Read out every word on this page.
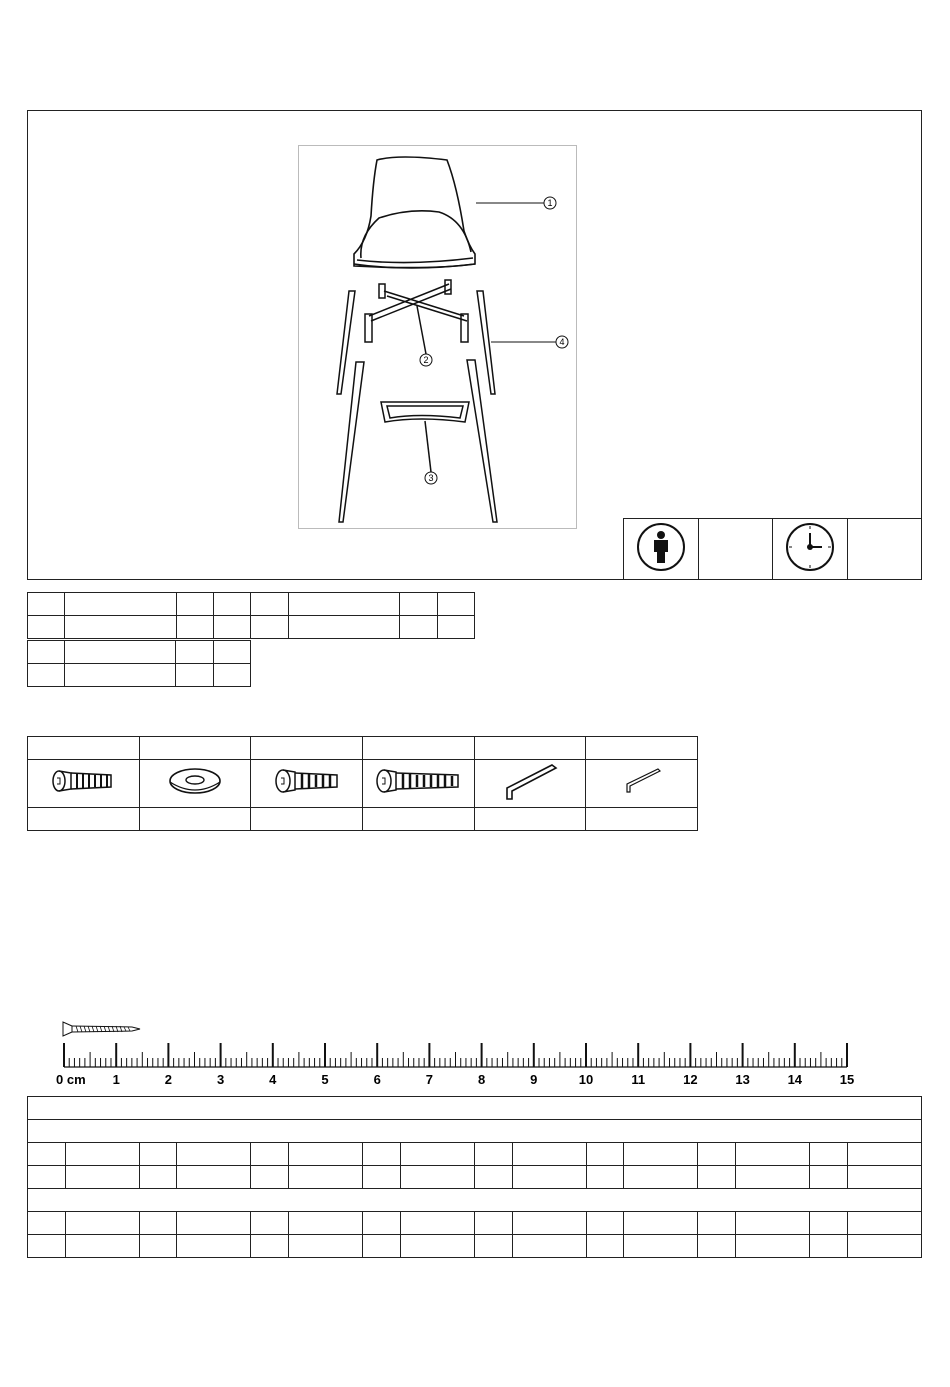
1
2
4
3

0 cm 1	2	3	4	5	6	7	8	9	10	11	12	13	14	15
